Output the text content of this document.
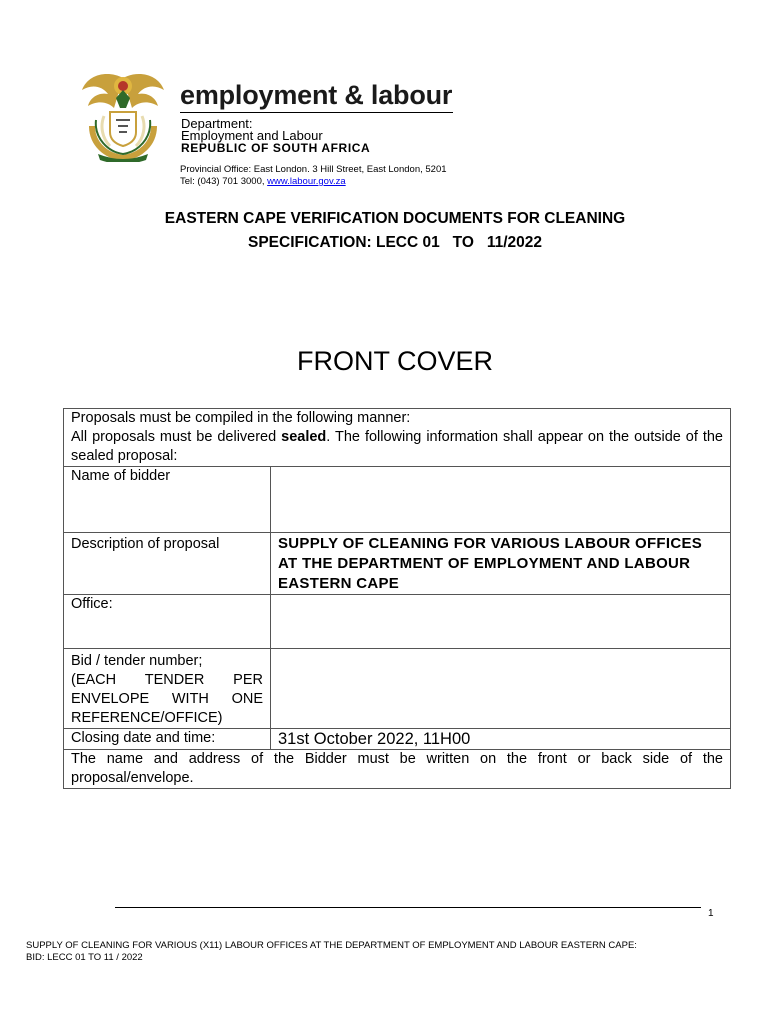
employment & labour
Department:
Employment and Labour
REPUBLIC OF SOUTH AFRICA
Provincial Office: East London. 3 Hill Street, East London, 5201
Tel: (043) 701 3000, www.labour.gov.za
EASTERN CAPE VERIFICATION DOCUMENTS FOR CLEANING
SPECIFICATION: LECC 01   TO   11/2022
FRONT COVER
Proposals must be compiled in the following manner:
All proposals must be delivered sealed. The following information shall appear on the outside of the sealed proposal:	

Name of bidder	
Description of proposal	SUPPLY OF CLEANING FOR VARIOUS LABOUR OFFICES AT THE DEPARTMENT OF EMPLOYMENT AND LABOUR EASTERN CAPE
Office:	

Bid / tender number;
(EACH TENDER PER ENVELOPE WITH ONE
REFERENCE/OFFICE)	

Closing date and time:	31st October 2022, 11H00
The name and address of the Bidder must be written on the front or back side of the proposal/envelope.	
1
SUPPLY OF CLEANING FOR VARIOUS (X11) LABOUR OFFICES AT THE DEPARTMENT OF EMPLOYMENT AND LABOUR EASTERN CAPE:
BID: LECC 01 TO 11 / 2022
